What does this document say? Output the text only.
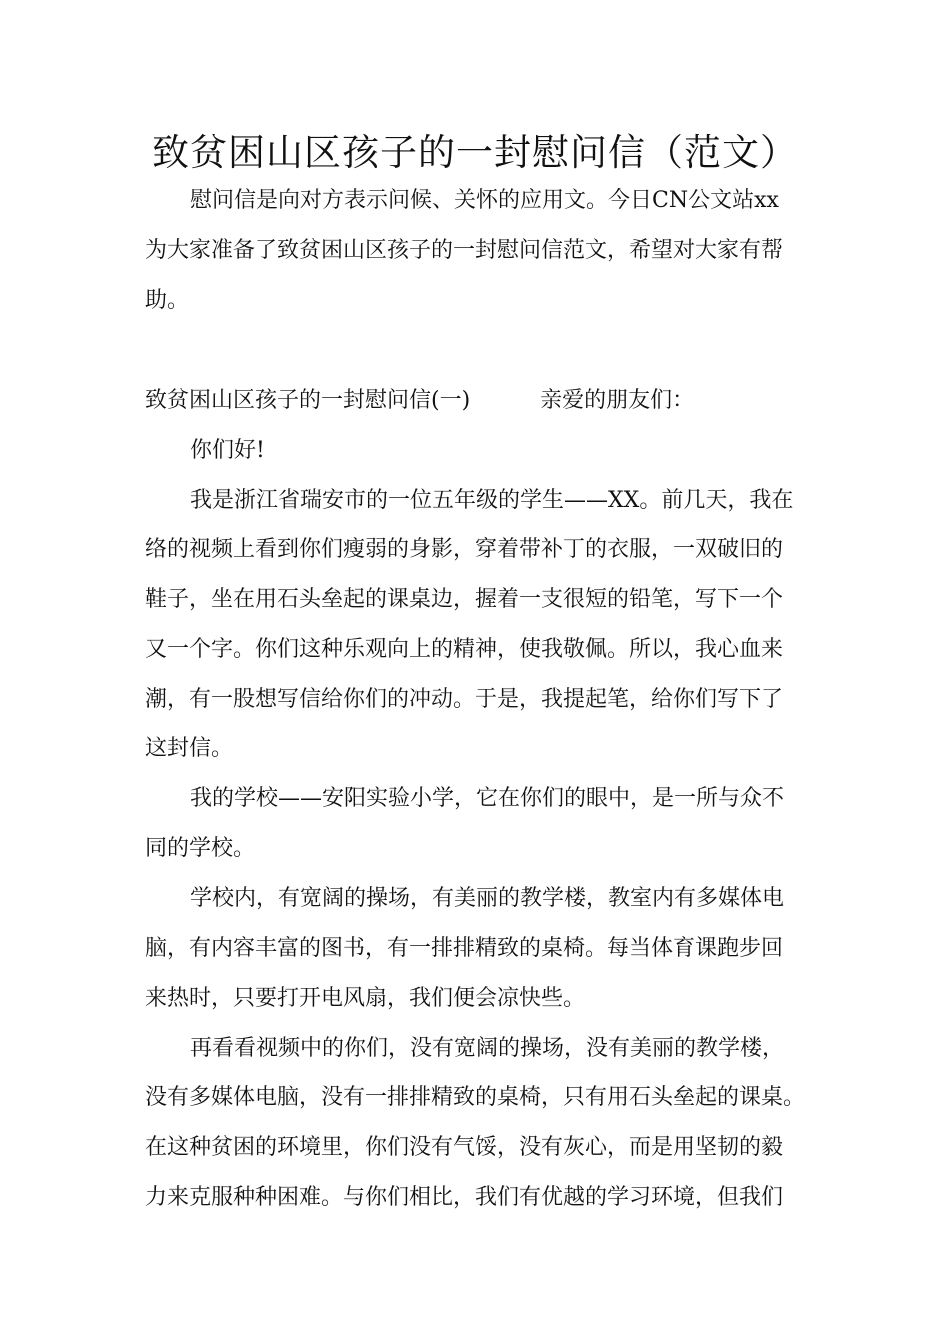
致贫困山区孩子的一封慰问信（范文）
慰问信是向对方表示问候、关怀的应用文。今日CN公文站xx
为大家准备了致贫困山区孩子的一封慰问信范文，希望对大家有帮
助。
致贫困山区孩子的一封慰问信(一)	亲爱的朋友们：
你们好!
我是浙江省瑞安市的一位五年级的学生——XX。前几天，我在
络的视频上看到你们瘦弱的身影，穿着带补丁的衣服，一双破旧的
鞋子，坐在用石头垒起的课桌边，握着一支很短的铅笔，写下一个
又一个字。你们这种乐观向上的精神，使我敬佩。所以，我心血来
潮，有一股想写信给你们的冲动。于是，我提起笔，给你们写下了
这封信。
我的学校——安阳实验小学，它在你们的眼中，是一所与众不
同的学校。
学校内，有宽阔的操场，有美丽的教学楼，教室内有多媒体电
脑，有内容丰富的图书，有一排排精致的桌椅。每当体育课跑步回
来热时，只要打开电风扇，我们便会凉快些。
再看看视频中的你们，没有宽阔的操场，没有美丽的教学楼，
没有多媒体电脑，没有一排排精致的桌椅，只有用石头垒起的课桌。
在这种贫困的环境里，你们没有气馁，没有灰心，而是用坚韧的毅
力来克服种种困难。与你们相比，我们有优越的学习环境，但我们
